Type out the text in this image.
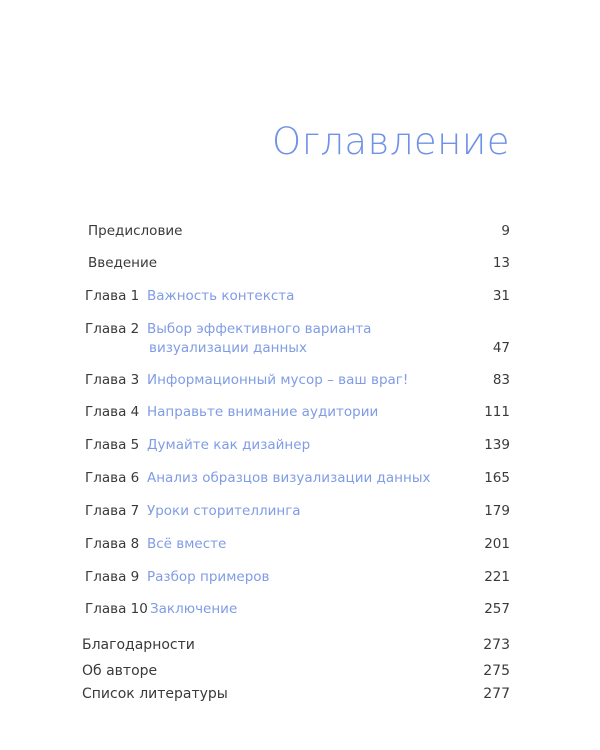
Оглавление
Предисловие	9
Введение	13
Глава 1 Важность контекста	31
Глава 2 Выбор эффективного варианта
визуализации данных	47
Глава 3 Информационный мусор – ваш враг!	83
Глава 4 Направьте внимание аудитории	111
Глава 5 Думайте как дизайнер	139
Глава 6 Анализ образцов визуализации данных	165
Глава 7 Уроки сторителлинга	179
Глава 8 Всё вместе	201
Глава 9 Разбор примеров	221
Глава 10 Заключение	257
Благодарности	273
Об авторе	275
Список литературы	277
